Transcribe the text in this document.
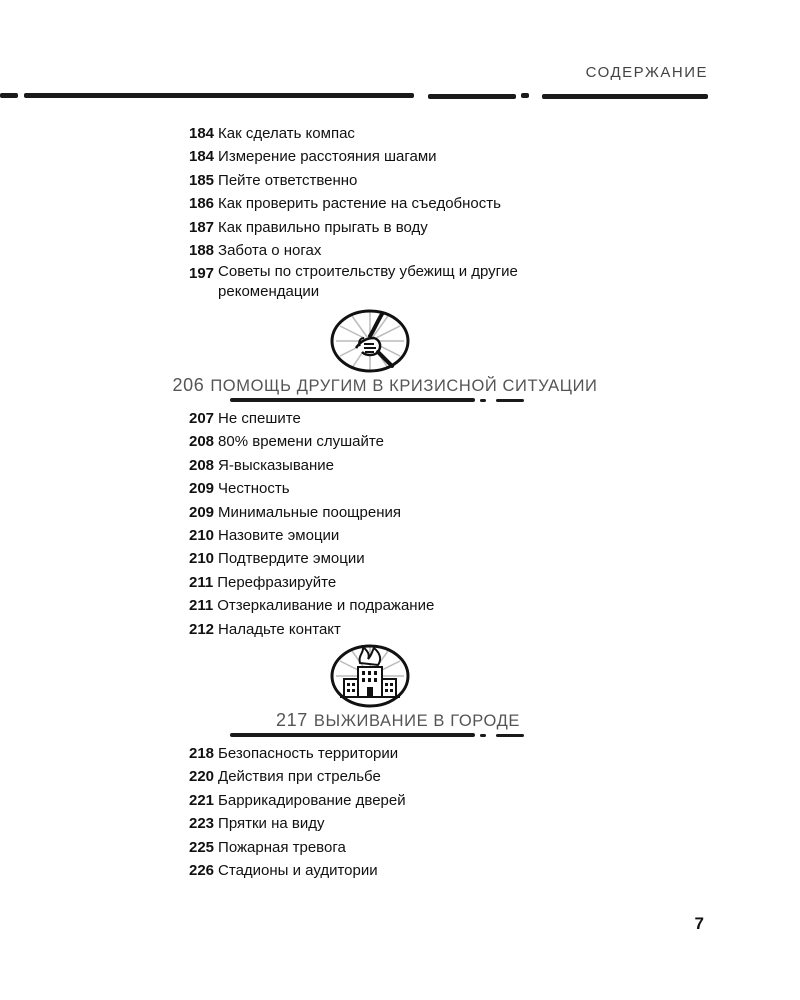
СОДЕРЖАНИЕ
184 Как сделать компас
184 Измерение расстояния шагами
185 Пейте ответственно
186 Как проверить растение на съедобность
187 Как правильно прыгать в воду
188 Забота о ногах
197 Советы по строительству убежищ и другие рекомендации
206 ПОМОЩЬ ДРУГИМ В КРИЗИСНОЙ СИТУАЦИИ
207 Не спешите
208 80% времени слушайте
208 Я-высказывание
209 Честность
209 Минимальные поощрения
210 Назовите эмоции
210 Подтвердите эмоции
211 Перефразируйте
211 Отзеркаливание и подражание
212 Наладьте контакт
217 ВЫЖИВАНИЕ В ГОРОДЕ
218 Безопасность территории
220 Действия при стрельбе
221 Баррикадирование дверей
223 Прятки на виду
225 Пожарная тревога
226 Стадионы и аудитории
7
